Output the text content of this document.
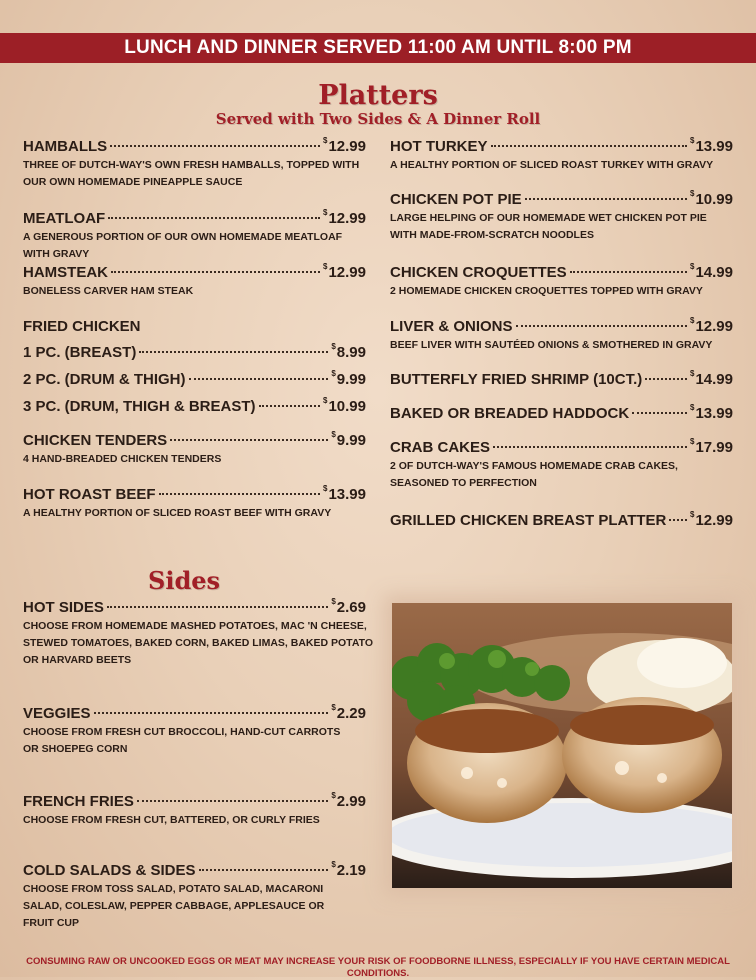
LUNCH AND DINNER SERVED 11:00 AM UNTIL 8:00 PM
Platters
Served with Two Sides & A Dinner Roll
HAMBALLS	$12.99
THREE OF DUTCH-WAY'S OWN FRESH HAMBALLS, TOPPED WITH OUR OWN HOMEMADE PINEAPPLE SAUCE
MEATLOAF	$12.99
A GENEROUS PORTION OF OUR OWN HOMEMADE MEATLOAF WITH GRAVY
HAMSTEAK	$12.99
BONELESS CARVER HAM STEAK
FRIED CHICKEN
1 PC. (BREAST)	$8.99
2 PC. (DRUM & THIGH)	$9.99
3 PC. (DRUM, THIGH & BREAST)	$10.99
CHICKEN TENDERS	$9.99
4 HAND-BREADED CHICKEN TENDERS
HOT ROAST BEEF	$13.99
A HEALTHY PORTION OF SLICED ROAST BEEF WITH GRAVY
HOT TURKEY	$13.99
A HEALTHY PORTION OF SLICED ROAST TURKEY WITH GRAVY
CHICKEN POT PIE	$10.99
LARGE HELPING OF OUR HOMEMADE WET CHICKEN POT PIE WITH MADE-FROM-SCRATCH NOODLES
CHICKEN CROQUETTES	$14.99
2 HOMEMADE CHICKEN CROQUETTES TOPPED WITH GRAVY
LIVER & ONIONS	$12.99
BEEF LIVER WITH SAUTÉED ONIONS & SMOTHERED IN GRAVY
BUTTERFLY FRIED SHRIMP (10CT.)	$14.99
BAKED OR BREADED HADDOCK	$13.99
CRAB CAKES	$17.99
2 OF DUTCH-WAY'S FAMOUS HOMEMADE CRAB CAKES, SEASONED TO PERFECTION
GRILLED CHICKEN BREAST PLATTER	$12.99
Sides
HOT SIDES	$2.69
CHOOSE FROM HOMEMADE MASHED POTATOES, MAC 'N CHEESE, STEWED TOMATOES, BAKED CORN, BAKED LIMAS, BAKED POTATO OR HARVARD BEETS
VEGGIES	$2.29
CHOOSE FROM FRESH CUT BROCCOLI, HAND-CUT CARROTS OR SHOEPEG CORN
FRENCH FRIES	$2.99
CHOOSE FROM FRESH CUT, BATTERED, OR CURLY FRIES
COLD SALADS & SIDES	$2.19
CHOOSE FROM TOSS SALAD, POTATO SALAD, MACARONI SALAD, COLESLAW, PEPPER CABBAGE, APPLESAUCE OR FRUIT CUP
CONSUMING RAW OR UNCOOKED EGGS OR MEAT MAY INCREASE YOUR RISK OF FOODBORNE ILLNESS, ESPECIALLY IF YOU HAVE CERTAIN MEDICAL CONDITIONS.
